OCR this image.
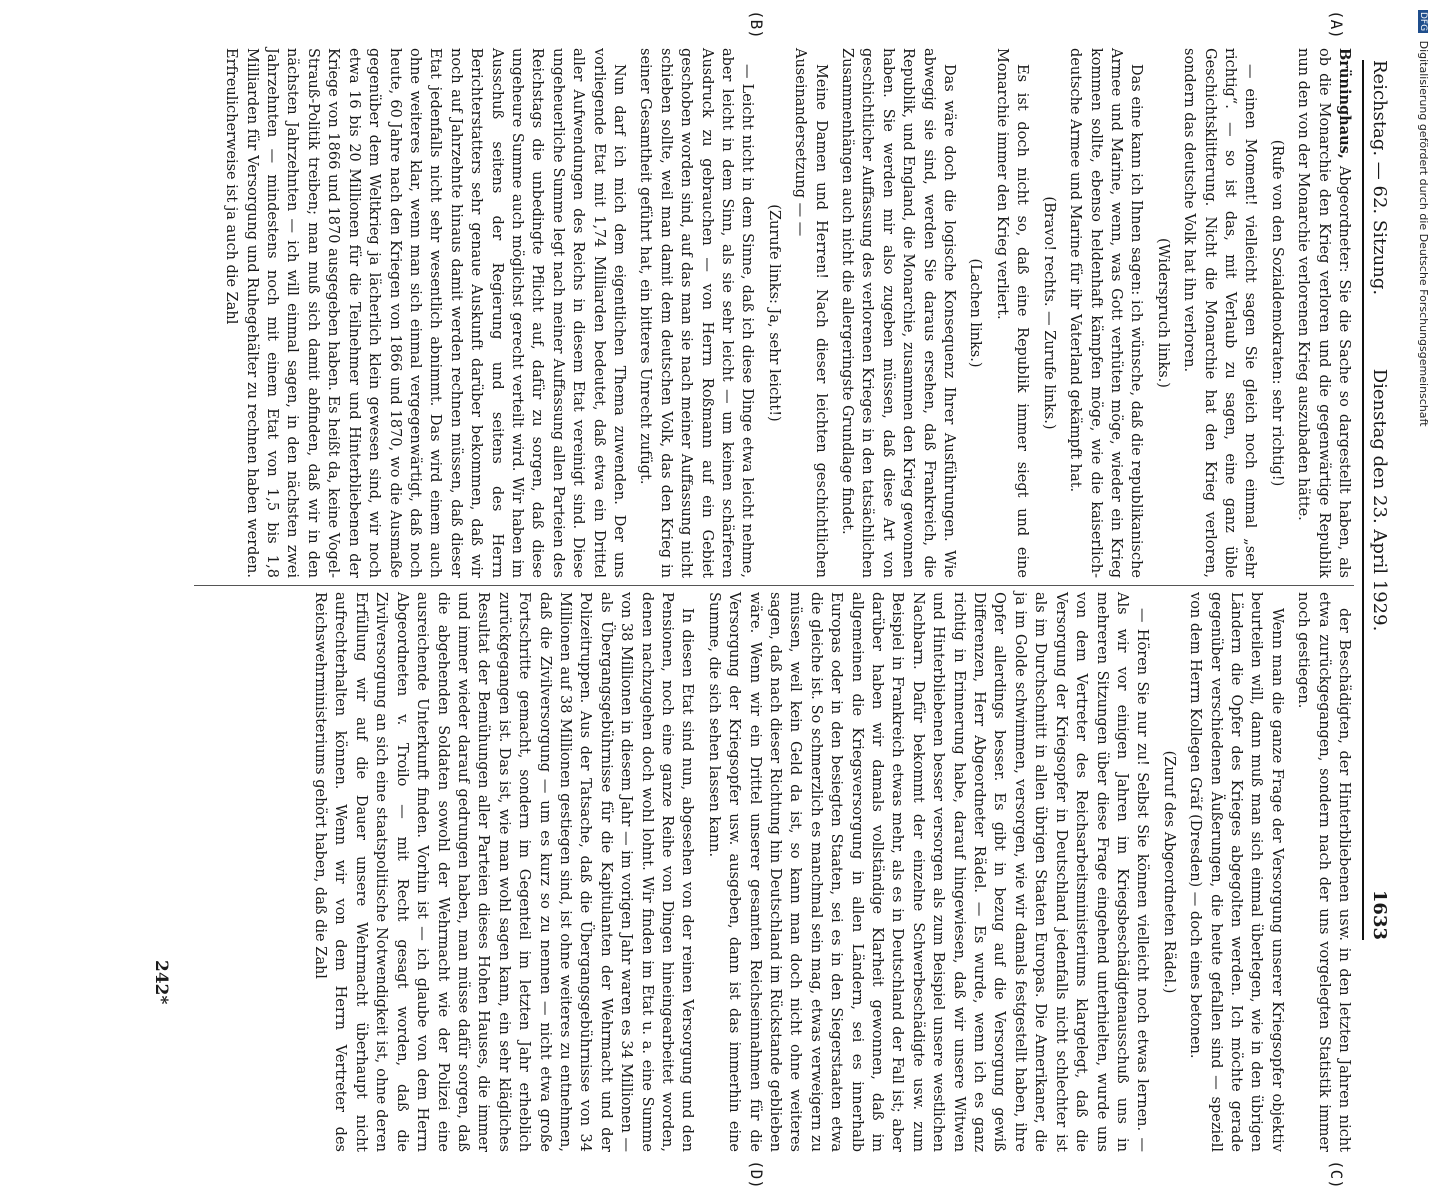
Reichstag. — 62. Sitzung.
Dienstag den 23. April 1929.
1633
(A)
(B)
(C)
(D)

Brüninghaus, Abgeordneter: Sie die Sache so dargestellt haben, als ob die Monarchie den Krieg verloren und die gegenwärtige Republik nun den von der Monarchie verlorenen Krieg auszubaden hätte.

(Rufe von den Sozialdemokraten: sehr richtig!)

— einen Moment! vielleicht sagen Sie gleich noch einmal „sehr richtig“. — so ist das, mit Verlaub zu sagen, eine ganz üble Geschichtsklitterung. Nicht die Monarchie hat den Krieg verloren, sondern das deutsche Volk hat ihn verloren.

(Widerspruch links.)

Das eine kann ich Ihnen sagen: ich wünsche, daß die republikanische Armee und Marine, wenn, was Gott verhüten möge, wieder ein Krieg kommen sollte, ebenso heldenhaft kämpfen möge, wie die kaiserlich-deutsche Armee und Marine für ihr Vaterland gekämpft hat.

(Bravo! rechts. — Zurufe links.)

Es ist doch nicht so, daß eine Republik immer siegt und eine Monarchie immer den Krieg verliert.

(Lachen links.)

Das wäre doch die logische Konsequenz Ihrer Ausführungen. Wie abwegig sie sind, werden Sie daraus ersehen, daß Frankreich, die Republik, und England, die Monarchie, zusammen den Krieg gewonnen haben. Sie werden mir also zugeben müssen, daß diese Art von geschichtlicher Auffassung des verlorenen Krieges in den tatsächlichen Zusammenhängen auch nicht die allergeringste Grundlage findet.

Meine Damen und Herren! Nach dieser leichten geschichtlichen Auseinandersetzung — —

(Zurufe links: Ja, sehr leicht!)

— Leicht nicht in dem Sinne, daß ich diese Dinge etwa leicht nehme, aber leicht in dem Sinn, als sie sehr leicht — um keinen schärferen Ausdruck zu gebrauchen — von Herrn Roßmann auf ein Gebiet geschoben worden sind, auf das man sie nach meiner Auffassung nicht schieben sollte, weil man damit dem deutschen Volk, das den Krieg in seiner Gesamtheit geführt hat, ein bitteres Unrecht zufügt.

Nun darf ich mich dem eigentlichen Thema zuwenden. Der uns vorliegende Etat mit 1,74 Milliarden bedeutet, daß etwa ein Drittel aller Aufwendungen des Reichs in diesem Etat vereinigt sind. Diese ungeheuerliche Summe legt nach meiner Auffassung allen Parteien des Reichstags die unbedingte Pflicht auf, dafür zu sorgen, daß diese ungeheure Summe auch möglichst gerecht verteilt wird. Wir haben im Ausschuß seitens der Regierung und seitens des Herrn Berichterstatters sehr genaue Auskunft darüber bekommen, daß wir noch auf Jahrzehnte hinaus damit werden rechnen müssen, daß dieser Etat jedenfalls nicht sehr wesentlich abnimmt. Das wird einem auch ohne weiteres klar, wenn man sich einmal vergegenwärtigt, daß noch heute, 60 Jahre nach den Kriegen von 1866 und 1870, wo die Ausmaße gegenüber dem Weltkrieg ja lächerlich klein gewesen sind, wir noch etwa 16 bis 20 Millionen für die Teilnehmer und Hinterbliebenen der Kriege von 1866 und 1870 ausgegeben haben. Es heißt da, keine Vogel-Strauß-Politik treiben; man muß sich damit abfinden, daß wir in den nächsten Jahrzehnten — ich will einmal sagen, in den nächsten zwei Jahrzehnten — mindestens noch mit einem Etat von 1,5 bis 1,8 Milliarden für Versorgung und Ruhegehälter zu rechnen haben werden. Erfreulicherweise ist ja auch die Zahl

der Beschädigten, der Hinterbliebenen usw. in den letzten Jahren nicht etwa zurückgegangen, sondern nach der uns vorgelegten Statistik immer noch gestiegen.

Wenn man die ganze Frage der Versorgung unserer Kriegsopfer objektiv beurteilen will, dann muß man sich einmal überlegen, wie in den übrigen Ländern die Opfer des Krieges abgegolten werden. Ich möchte gerade gegenüber verschiedenen Äußerungen, die heute gefallen sind — speziell von dem Herrn Kollegen Gräf (Dresden) — doch eines betonen.

(Zuruf des Abgeordneten Rädel.)

— Hören Sie nur zu! Selbst Sie können vielleicht noch etwas lernen. — Als wir vor einigen Jahren im Kriegsbeschädigtenausschuß uns in mehreren Sitzungen über diese Frage eingehend unterhielten, wurde uns von dem Vertreter des Reichsarbeitsministeriums klargelegt, daß die Versorgung der Kriegsopfer in Deutschland jedenfalls nicht schlechter ist als im Durchschnitt in allen übrigen Staaten Europas. Die Amerikaner, die ja im Golde schwimmen, versorgen, wie wir damals festgestellt haben, ihre Opfer allerdings besser. Es gibt in bezug auf die Versorgung gewiß Differenzen, Herr Abgeordneter Rädel. — Es wurde, wenn ich es ganz richtig in Erinnerung habe, darauf hingewiesen, daß wir unsere Witwen und Hinterbliebenen besser versorgen als zum Beispiel unsere westlichen Nachbarn. Dafür bekommt der einzelne Schwerbeschädigte usw. zum Beispiel in Frankreich etwas mehr, als es in Deutschland der Fall ist; aber darüber haben wir damals vollständige Klarheit gewonnen, daß im allgemeinen die Kriegsversorgung in allen Ländern, sei es innerhalb Europas oder in den besiegten Staaten, sei es in den Siegerstaaten etwa die gleiche ist. So schmerzlich es manchmal sein mag, etwas verweigern zu müssen, weil kein Geld da ist, so kann man doch nicht ohne weiteres sagen, daß nach dieser Richtung hin Deutschland im Rückstande geblieben wäre. Wenn wir ein Drittel unserer gesamten Reichseinnahmen für die Versorgung der Kriegsopfer usw. ausgeben, dann ist das immerhin eine Summe, die sich sehen lassen kann.

In diesen Etat sind nun, abgesehen von der reinen Versorgung und den Pensionen, noch eine ganze Reihe von Dingen hineingearbeitet worden, denen nachzugehen doch wohl lohnt. Wir finden im Etat u. a. eine Summe von 38 Millionen in diesem Jahr — im vorigen Jahr waren es 34 Millionen — als Übergangsgebührnisse für die Kapitulanten der Wehrmacht und der Polizeitruppen. Aus der Tatsache, daß die Übergangsgebührnisse von 34 Millionen auf 38 Millionen gestiegen sind, ist ohne weiteres zu entnehmen, daß die Zivilversorgung — um es kurz so zu nennen — nicht etwa große Fortschritte gemacht, sondern im Gegenteil im letzten Jahr erheblich zurückgegangen ist. Das ist, wie man wohl sagen kann, ein sehr klägliches Resultat der Bemühungen aller Parteien dieses Hohen Hauses, die immer und immer wieder darauf gedrungen haben, man müsse dafür sorgen, daß die abgehenden Soldaten sowohl der Wehrmacht wie der Polizei eine ausreichende Unterkunft finden. Vorhin ist — ich glaube von dem Herrn Abgeordneten v. Troilo — mit Recht gesagt worden, daß die Zivilversorgung an sich eine staatspolitische Notwendigkeit ist, ohne deren Erfüllung wir auf die Dauer unsere Wehrmacht überhaupt nicht aufrechterhalten können. Wenn wir von dem Herrn Vertreter des Reichswehrministeriums gehört haben, daß die Zahl

242*
DFG Digitalisierung gefördert durch die Deutsche Forschungsgemeinschaft
